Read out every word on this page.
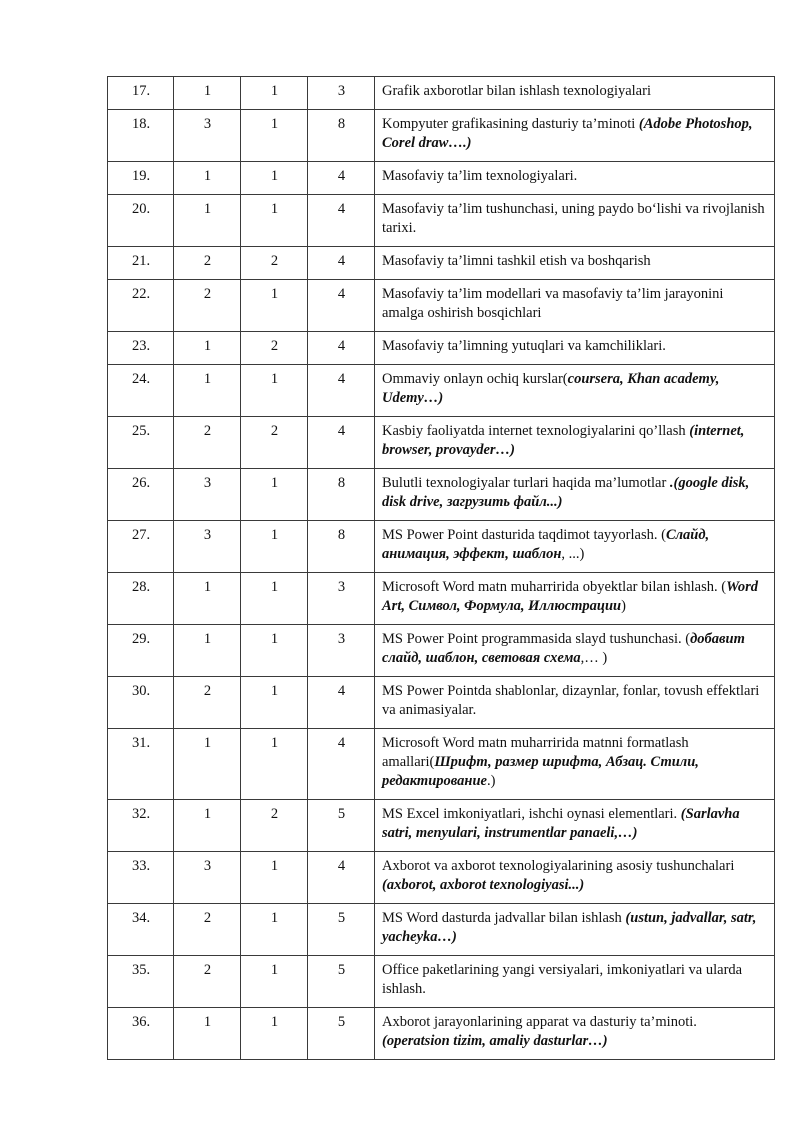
17.	1	1	3	Grafik axborotlar bilan ishlash texnologiyalari
18.	3	1	8	Kompyuter grafikasining dasturiy ta’minoti (Adobe Photoshop, Corel draw….)
19.	1	1	4	Masofaviy ta’lim texnologiyalari.
20.	1	1	4	Masofaviy ta’lim tushunchasi, uning paydo bo‘lishi va rivojlanish tarixi.
21.	2	2	4	Masofaviy ta’limni tashkil etish va boshqarish
22.	2	1	4	Masofaviy ta’lim modellari va masofaviy ta’lim jarayonini amalga oshirish bosqichlari
23.	1	2	4	Masofaviy ta’limning yutuqlari va kamchiliklari.
24.	1	1	4	Ommaviy onlayn ochiq kurslar(coursera, Khan academy, Udemy…)
25.	2	2	4	Kasbiy faoliyatda internet texnologiyalarini qo’llash (internet, browser, provayder…)
26.	3	1	8	Bulutli texnologiyalar turlari haqida ma’lumotlar .(google disk, disk drive, загрузить файл...)
27.	3	1	8	MS Power Point dasturida taqdimot tayyorlash. (Слайд, анимация, эффект, шаблон, ...)
28.	1	1	3	Microsoft Word matn muharririda obyektlar bilan ishlash. (Word Art, Символ, Формула, Иллюстрации)
29.	1	1	3	MS Power Point programmasida slayd tushunchasi. (добавит слайд, шаблон, световая схема,… )
30.	2	1	4	MS Power Pointda shablonlar, dizaynlar, fonlar, tovush effektlari va animasiyalar.
31.	1	1	4	Microsoft Word matn muharririda matnni formatlash amallari(Шрифт, размер шрифта, Абзац. Стили, редактирование.)
32.	1	2	5	MS Excel imkoniyatlari, ishchi oynasi elementlari. (Sarlavha satri, menyulari, instrumentlar panaeli,…)
33.	3	1	4	Axborot va axborot texnologiyalarining asosiy tushunchalari (axborot, axborot texnologiyasi...)
34.	2	1	5	MS Word dasturda jadvallar bilan ishlash (ustun, jadvallar, satr, yacheyka…)
35.	2	1	5	Office paketlarining yangi versiyalari, imkoniyatlari va ularda ishlash.
36.	1	1	5	Axborot jarayonlarining apparat va dasturiy ta’minoti. (operatsion tizim, amaliy dasturlar…)
